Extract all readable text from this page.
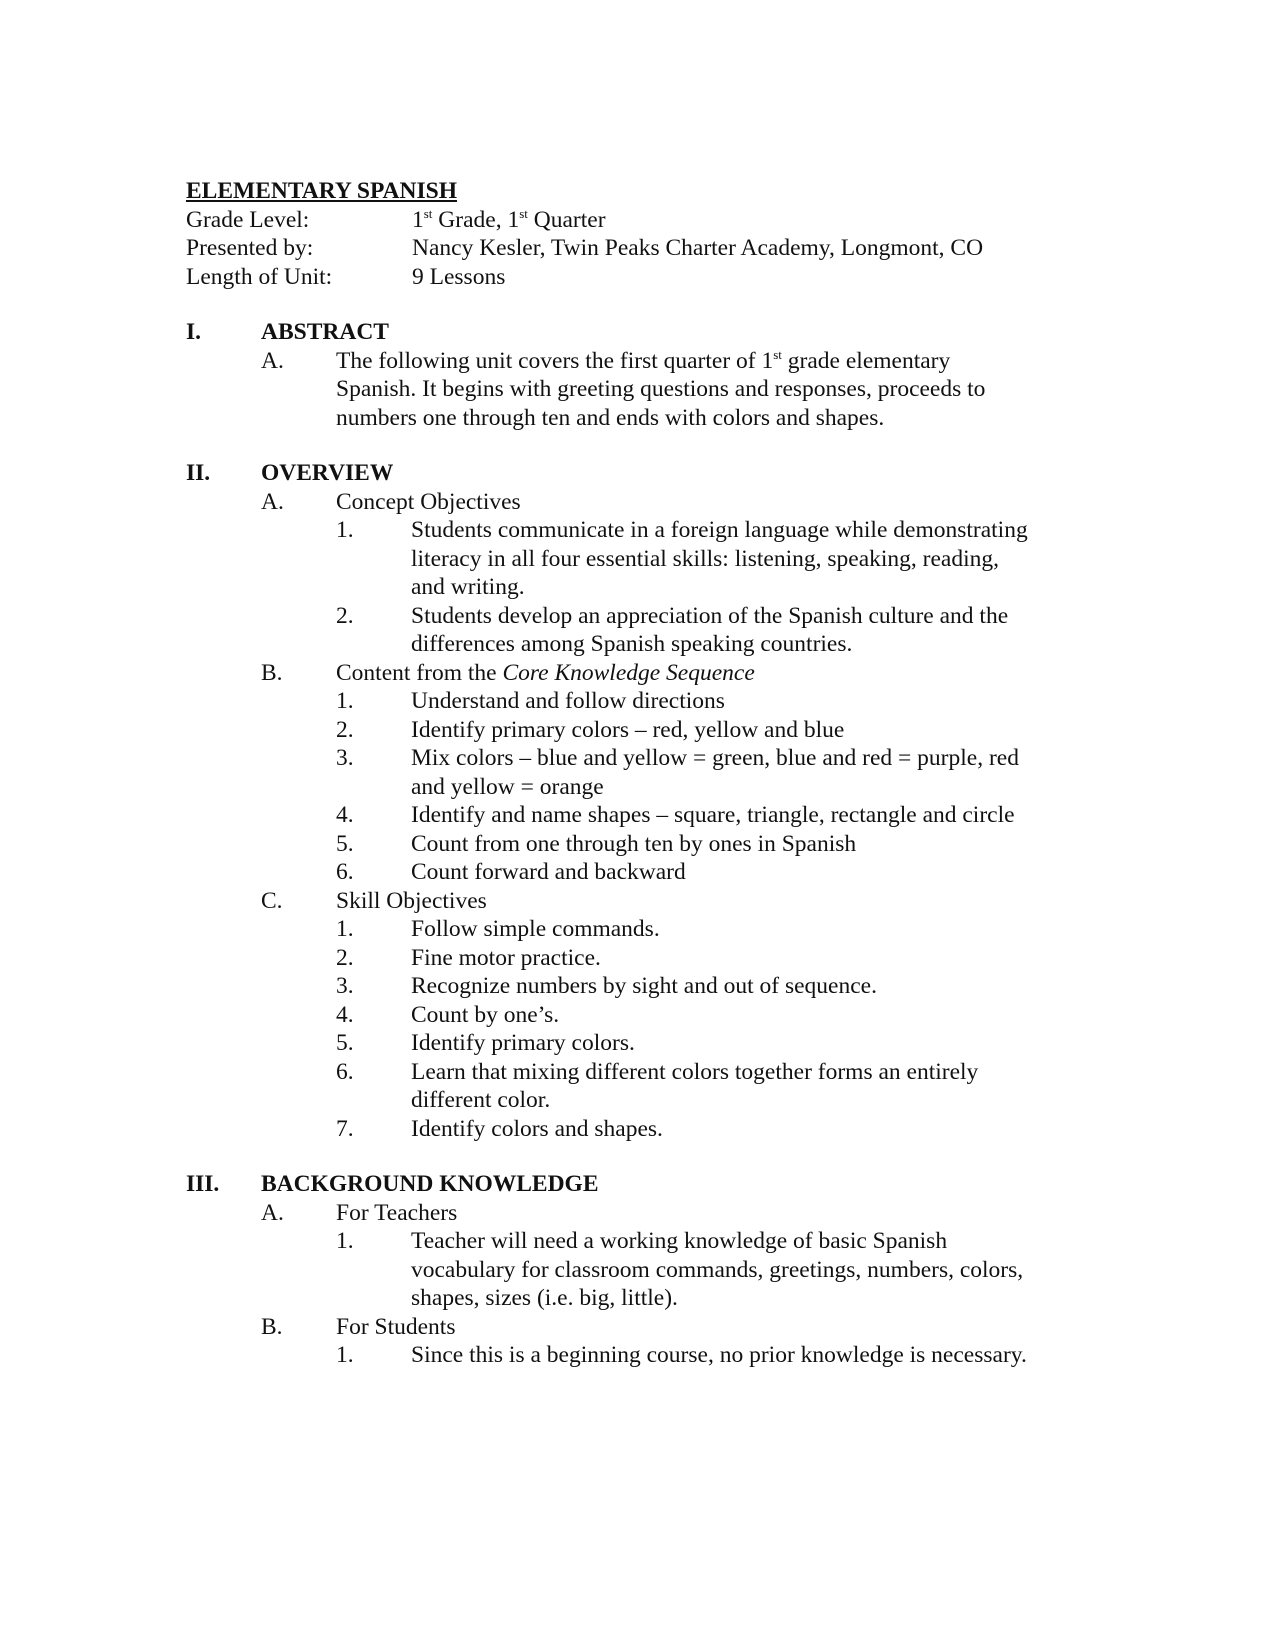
ELEMENTARY SPANISH
Grade Level:	1st Grade, 1st Quarter
Presented by:	Nancy Kesler, Twin Peaks Charter Academy, Longmont, CO
Length of Unit:	9 Lessons
I.	ABSTRACT
A.	The following unit covers the first quarter of 1st grade elementary Spanish. It begins with greeting questions and responses, proceeds to numbers one through ten and ends with colors and shapes.
II.	OVERVIEW
A.	Concept Objectives
1.	Students communicate in a foreign language while demonstrating literacy in all four essential skills: listening, speaking, reading, and writing.
2.	Students develop an appreciation of the Spanish culture and the differences among Spanish speaking countries.
B.	Content from the Core Knowledge Sequence
1.	Understand and follow directions
2.	Identify primary colors – red, yellow and blue
3.	Mix colors – blue and yellow = green, blue and red = purple, red and yellow = orange
4.	Identify and name shapes – square, triangle, rectangle and circle
5.	Count from one through ten by ones in Spanish
6.	Count forward and backward
C.	Skill Objectives
1.	Follow simple commands.
2.	Fine motor practice.
3.	Recognize numbers by sight and out of sequence.
4.	Count by one’s.
5.	Identify primary colors.
6.	Learn that mixing different colors together forms an entirely different color.
7.	Identify colors and shapes.
III.	BACKGROUND KNOWLEDGE
A.	For Teachers
1.	Teacher will need a working knowledge of basic Spanish vocabulary for classroom commands, greetings, numbers, colors, shapes, sizes (i.e. big, little).
B.	For Students
1.	Since this is a beginning course, no prior knowledge is necessary.
